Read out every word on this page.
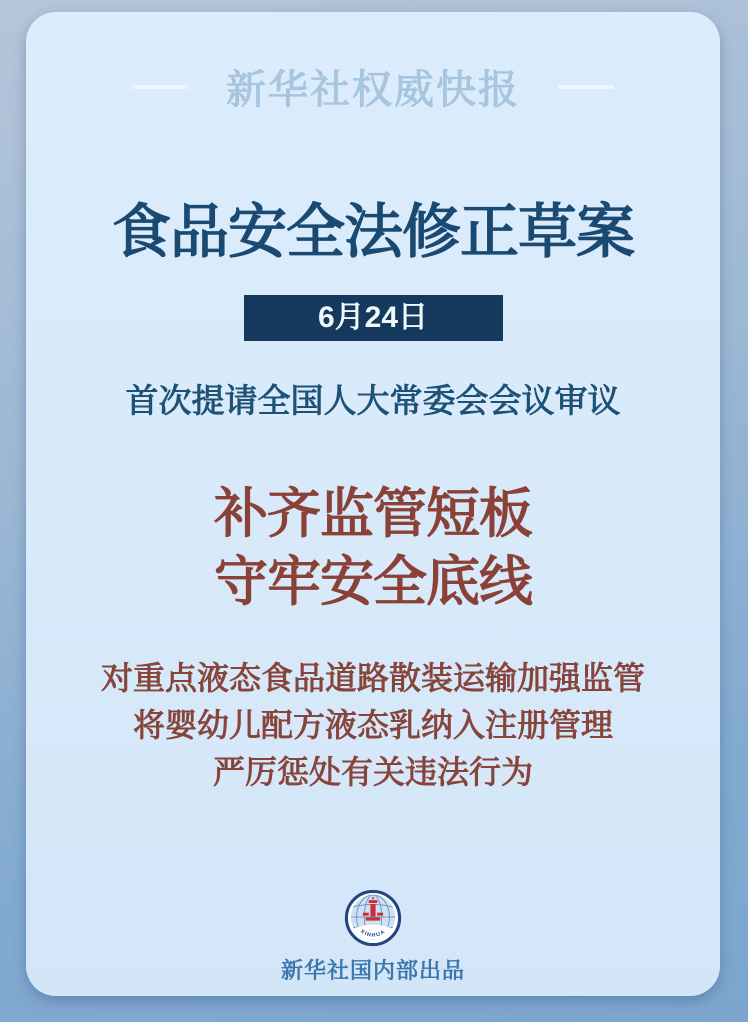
新华社权威快报
食品安全法修正草案
6月24日
首次提请全国人大常委会会议审议
补齐监管短板
守牢安全底线
对重点液态食品道路散装运输加强监管
将婴幼儿配方液态乳纳入注册管理
严厉惩处有关违法行为
XINHUA
新华社国内部出品
